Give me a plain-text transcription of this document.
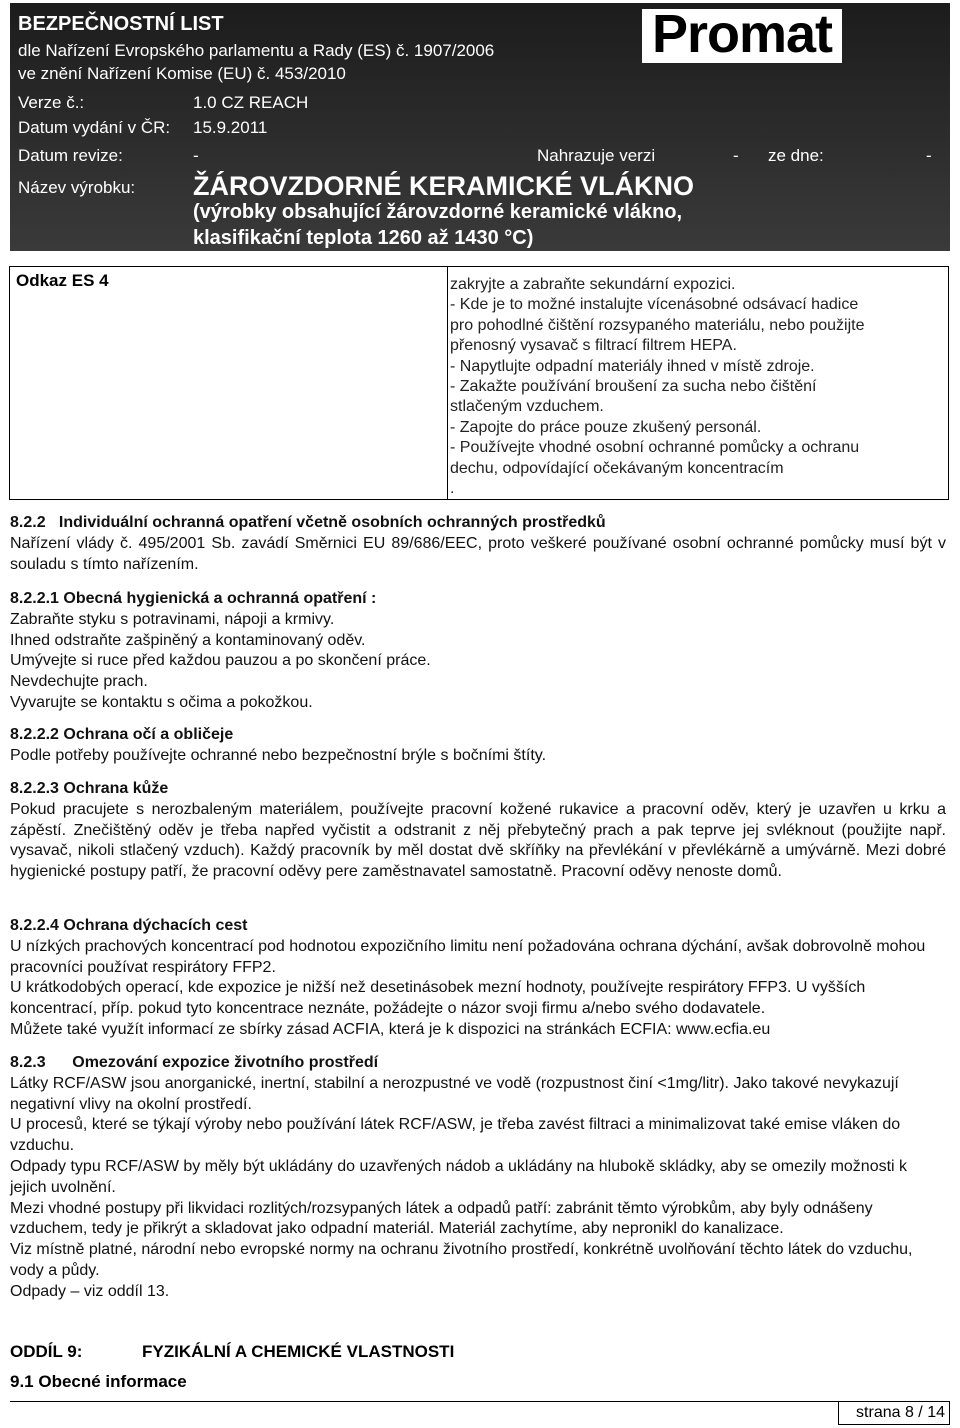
Promat
BEZPEČNOSTNÍ LIST
dle Nařízení Evropského parlamentu a Rady (ES) č. 1907/2006
ve znění Nařízení Komise (EU) č. 453/2010
Verze č.:	1.0 CZ REACH
Datum vydání v ČR: 15.9.2011
Datum revize:	-	Nahrazuje verzi	- ze dne:	-
Název výrobku: ŽÁROVZDORNÉ KERAMICKÉ VLÁKNO
(výrobky obsahující žárovzdorné keramické vlákno,
klasifikační teplota 1260 až 1430 °C)
Odkaz ES 4	zakryjte a zabraňte sekundární expozici.
- Kde je to možné instalujte vícenásobné odsávací hadice
pro pohodlné čištění rozsypaného materiálu, nebo použijte
přenosný vysavač s filtrací filtrem HEPA.
- Napytlujte odpadní materiály ihned v místě zdroje.
- Zakažte používání broušení za sucha nebo čištění
stlačeným vzduchem.
- Zapojte do práce pouze zkušený personál.
- Používejte vhodné osobní ochranné pomůcky a ochranu
dechu, odpovídající očekávaným koncentracím
.

8.2.2   Individuální ochranná opatření včetně osobních ochranných prostředků

Nařízení vlády č. 495/2001 Sb. zavádí Směrnici EU 89/686/EEC, proto veškeré používané osobní ochranné pomůcky musí být v souladu s tímto nařízením.

8.2.2.1 Obecná hygienická a ochranná opatření :

Zabraňte styku s potravinami, nápoji a krmivy.

Ihned odstraňte zašpiněný a kontaminovaný oděv.

Umývejte si ruce před každou pauzou a po skončení práce.

Nevdechujte prach.

Vyvarujte se kontaktu s očima a pokožkou.

8.2.2.2 Ochrana očí a obličeje

Podle potřeby používejte ochranné nebo bezpečnostní brýle s bočními štíty.

8.2.2.3 Ochrana kůže

Pokud pracujete s nerozbaleným materiálem, používejte pracovní kožené rukavice a pracovní oděv, který je uzavřen u krku a zápěstí. Znečištěný oděv je třeba napřed vyčistit a odstranit z něj přebytečný prach a pak teprve jej svléknout (použijte např. vysavač, nikoli stlačený vzduch). Každý pracovník by měl dostat dvě skříňky na převlékání v převlékárně a umývárně. Mezi dobré hygienické postupy patří, že pracovní oděvy pere zaměstnavatel samostatně. Pracovní oděvy nenoste domů.

8.2.2.4 Ochrana dýchacích cest

U nízkých prachových koncentrací pod hodnotou expozičního limitu není požadována ochrana dýchání, avšak dobrovolně mohou pracovníci používat respirátory FFP2.

U krátkodobých operací, kde expozice je nižší než desetinásobek mezní hodnoty, používejte respirátory FFP3. U vyšších koncentrací, příp. pokud tyto koncentrace neznáte, požádejte o názor svoji firmu a/nebo svého dodavatele.

Můžete také využít informací ze sbírky zásad ACFIA, která je k dispozici na stránkách ECFIA: www.ecfia.eu

8.2.3      Omezování expozice životního prostředí

Látky RCF/ASW jsou anorganické, inertní, stabilní a nerozpustné ve vodě (rozpustnost činí <1mg/litr). Jako takové nevykazují negativní vlivy na okolní prostředí.

U procesů, které se týkají výroby nebo používání látek RCF/ASW, je třeba zavést filtraci a minimalizovat také emise vláken do vzduchu.

Odpady typu RCF/ASW by měly být ukládány do uzavřených nádob a ukládány na hlubokě skládky, aby se omezily možnosti k jejich uvolnění.

Mezi vhodné postupy při likvidaci rozlitých/rozsypaných látek a odpadů patří: zabránit těmto výrobkům, aby byly odnášeny vzduchem, tedy je přikrýt a skladovat jako odpadní materiál. Materiál zachytíme, aby nepronikl do kanalizace.

Viz místně platné, národní nebo evropské normy na ochranu životního prostředí, konkrétně uvolňování těchto látek do vzduchu, vody a půdy.

Odpady – viz oddíl 13.

ODDÍL 9:	FYZIKÁLNÍ A CHEMICKÉ VLASTNOSTI
9.1 Obecné informace
strana 8 / 14
